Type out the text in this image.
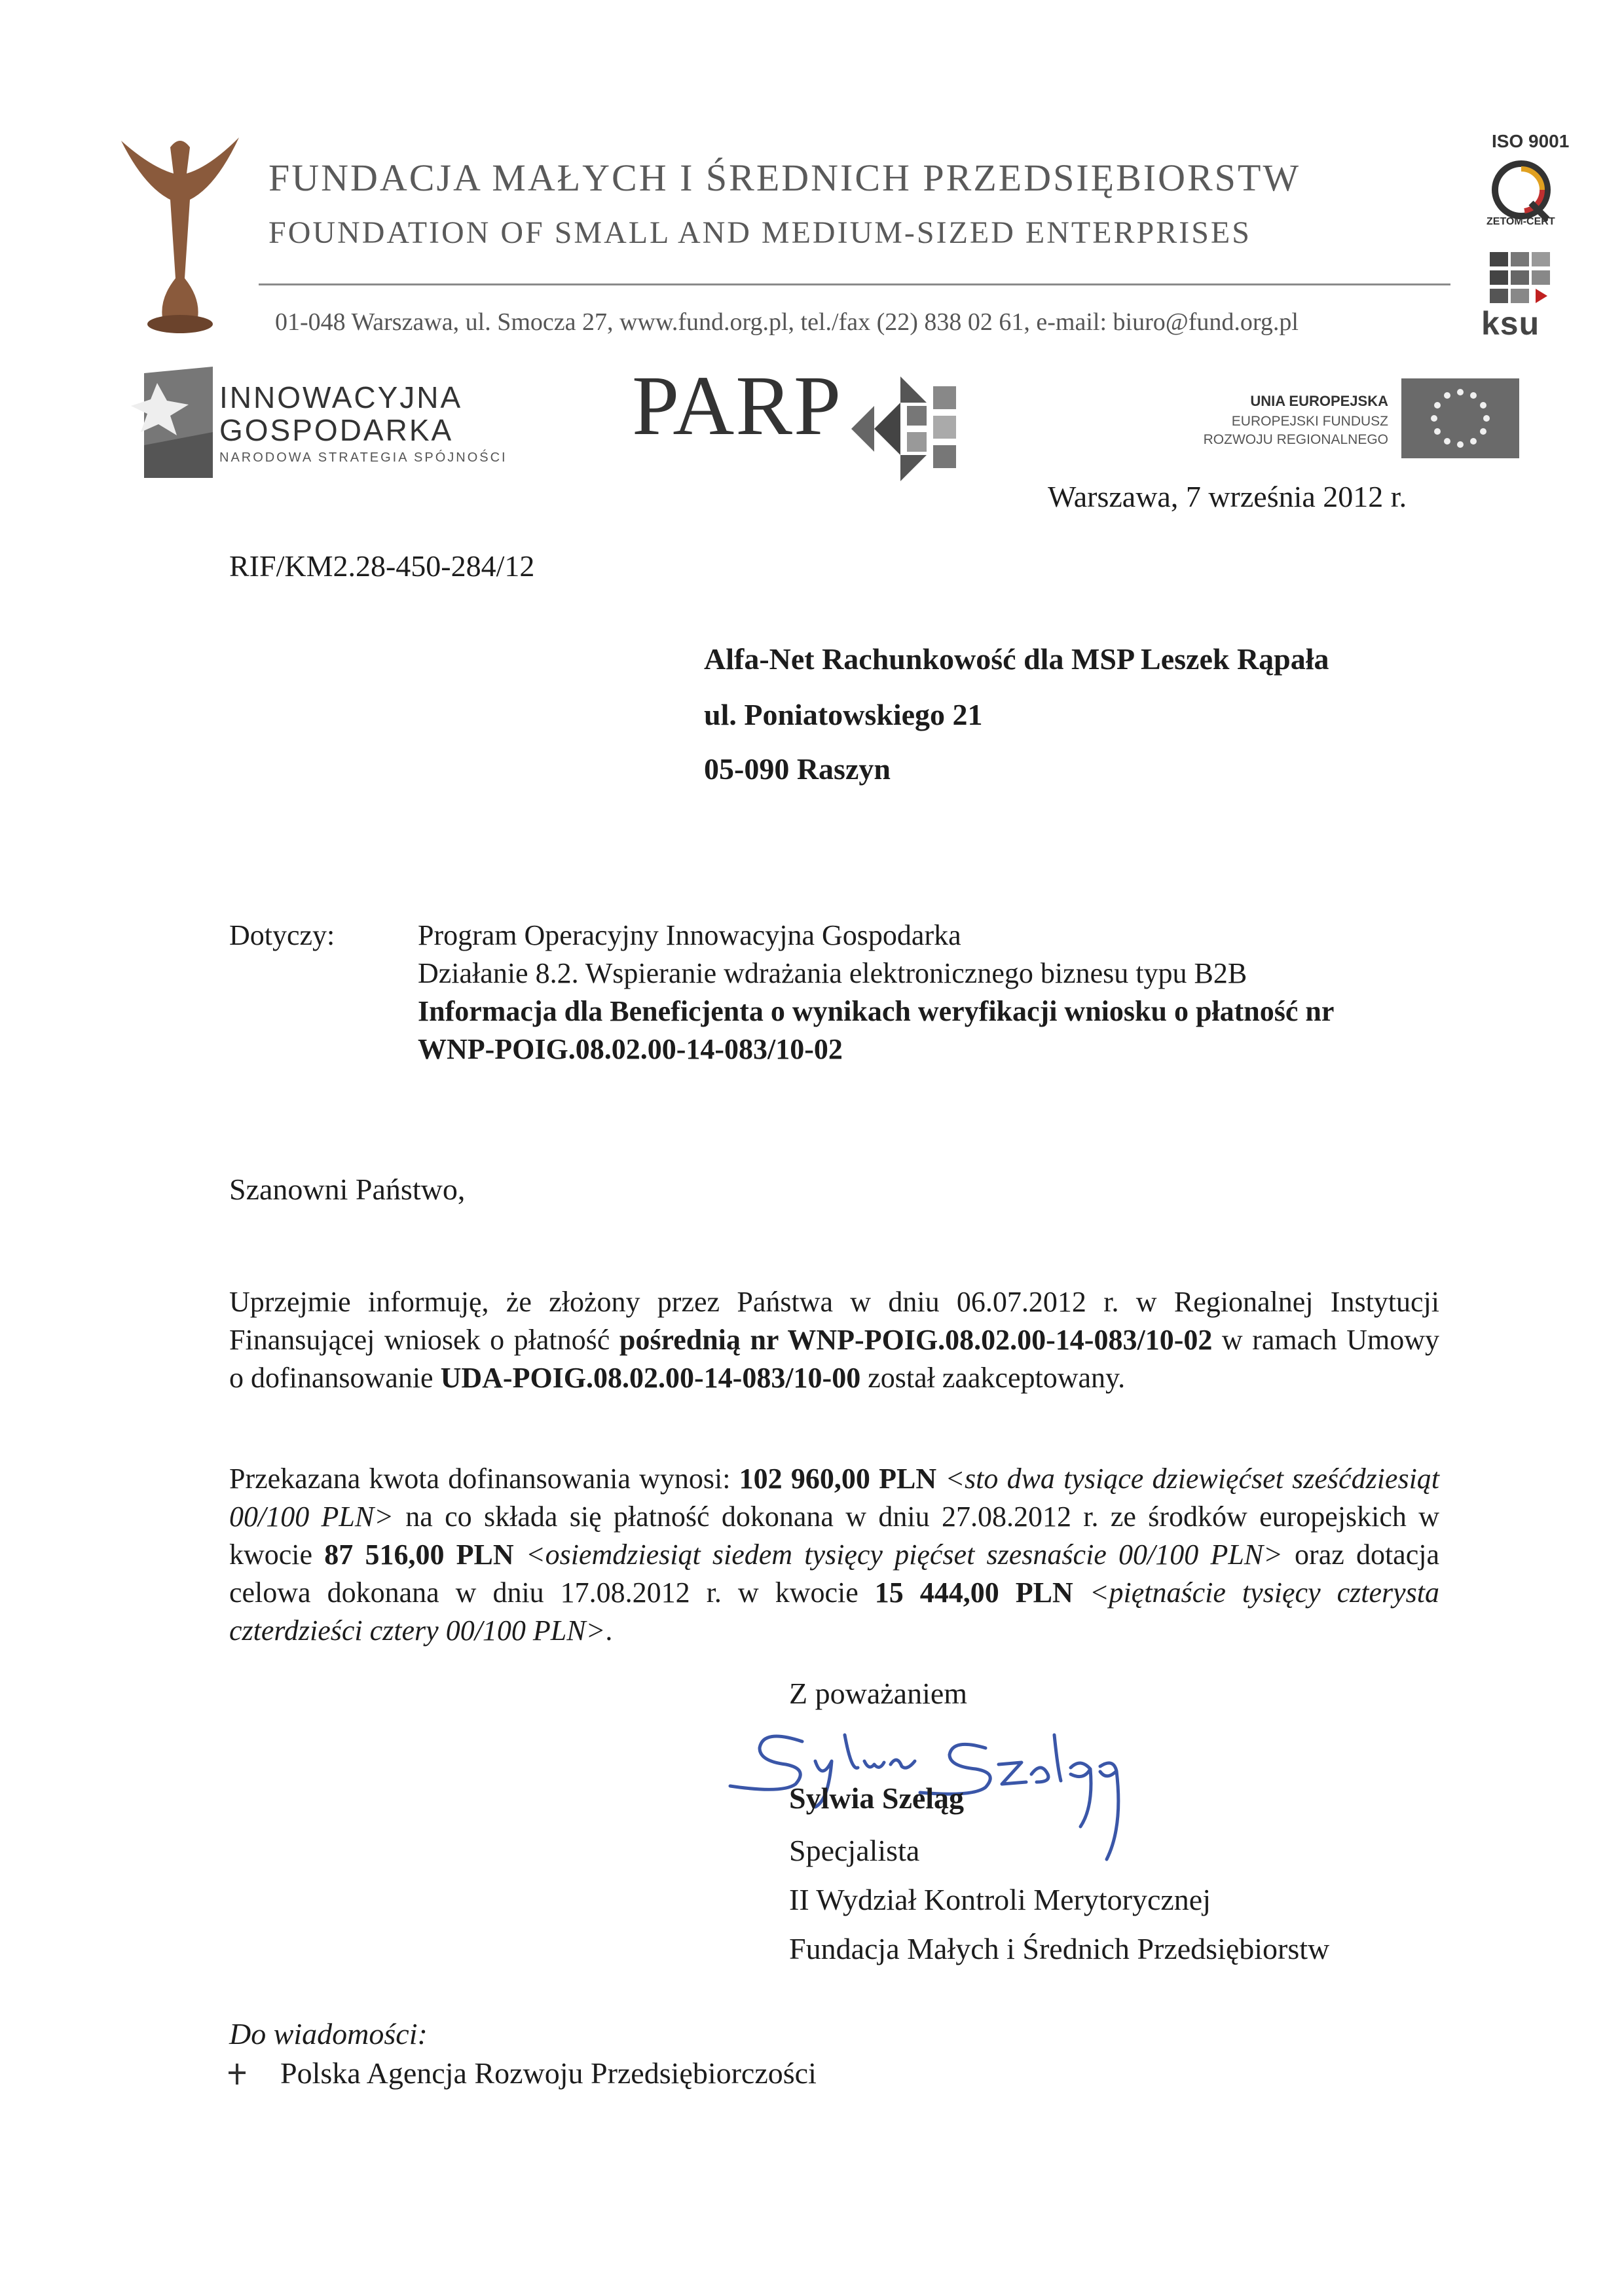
FUNDACJA MAŁYCH I ŚREDNICH PRZEDSIĘBIORSTW
FOUNDATION OF SMALL AND MEDIUM-SIZED ENTERPRISES
01-048 Warszawa, ul. Smocza 27, www.fund.org.pl, tel./fax (22) 838 02 61, e-mail: biuro@fund.org.pl
ISO 9001
ZETOM-CERT
ksu
INNOWACYJNA
GOSPODARKA
NARODOWA STRATEGIA SPÓJNOŚCI
PARP	UNIA EUROPEJSKA
EUROPEJSKI FUNDUSZ
ROZWOJU REGIONALNEGO
Warszawa, 7 września 2012 r.
RIF/KM2.28-450-284/12
Alfa-Net Rachunkowość dla MSP Leszek Rąpała
ul. Poniatowskiego 21
05-090 Raszyn
Dotyczy:	Program Operacyjny Innowacyjna Gospodarka
Działanie 8.2. Wspieranie wdrażania elektronicznego biznesu typu B2B
Informacja dla Beneficjenta o wynikach weryfikacji wniosku o płatność nr
WNP-POIG.08.02.00-14-083/10-02
Szanowni Państwo,
Uprzejmie informuję, że złożony przez Państwa w dniu 06.07.2012 r. w Regionalnej Instytucji Finansującej wniosek o płatność pośrednią nr WNP-POIG.08.02.00-14-083/10-02 w ramach Umowy o dofinansowanie UDA-POIG.08.02.00-14-083/10-00 został zaakceptowany.
Przekazana kwota dofinansowania wynosi: 102 960,00 PLN <sto dwa tysiące dziewięćset sześćdziesiąt 00/100 PLN> na co składa się płatność dokonana w dniu 27.08.2012 r. ze środków europejskich w kwocie 87 516,00 PLN <osiemdziesiąt siedem tysięcy pięćset szesnaście 00/100 PLN> oraz dotacja celowa dokonana w dniu 17.08.2012 r. w kwocie 15 444,00 PLN <piętnaście tysięcy czterysta czterdzieści cztery 00/100 PLN>.
Z poważaniem
Sylwia Szeląg
Specjalista
II Wydział Kontroli Merytorycznej
Fundacja Małych i Średnich Przedsiębiorstw
Do wiadomości:
Polska Agencja Rozwoju Przedsiębiorczości
